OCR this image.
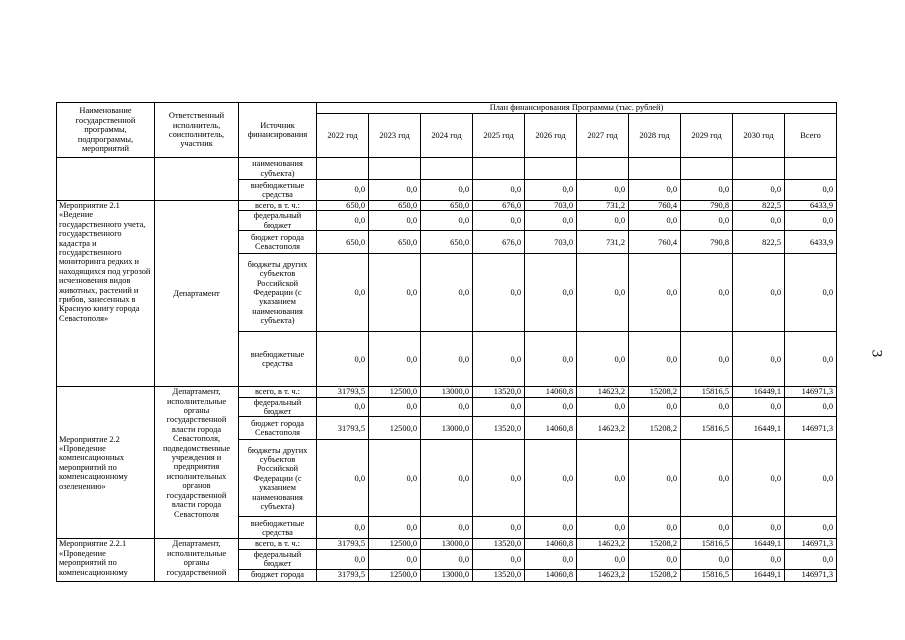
3
Наименование государственной программы, подпрограммы, мероприятий	Ответственный исполнитель, соисполнитель, участник	Источник финансирования	План финансирования Программы (тыс. рублей)									
			2022 год	2023 год	2024 год	2025 год	2026 год	2027 год	2028 год	2029 год	2030 год	Всего
		наименования субъекта)										
		внебюджетные средства	0,0	0,0	0,0	0,0	0,0	0,0	0,0	0,0	0,0	0,0
Мероприятие 2.1 «Ведение государственного учета, государственного кадастра и государственного мониторинга редких и находящихся под угрозой исчезновения видов животных, растений и грибов, занесенных в Красную книгу города Севастополя»	Департамент	всего, в т. ч.:	650,0	650,0	650,0	676,0	703,0	731,2	760,4	790,8	822,5	6433,9
		федеральный бюджет	0,0	0,0	0,0	0,0	0,0	0,0	0,0	0,0	0,0	0,0
		бюджет города Севастополя	650,0	650,0	650,0	676,0	703,0	731,2	760,4	790,8	822,5	6433,9
		бюджеты других субъектов Российской Федерации (с указанием наименования субъекта)	0,0	0,0	0,0	0,0	0,0	0,0	0,0	0,0	0,0	0,0
		внебюджетные средства	0,0	0,0	0,0	0,0	0,0	0,0	0,0	0,0	0,0	0,0
Мероприятие 2.2 «Проведение компенсационных мероприятий по компенсационному озеленению»	Департамент, исполнительные органы государственной власти города Севастополя, подведомственные учреждения и предприятия исполнительных органов государственной власти города Севастополя	всего, в т. ч.:	31793,5	12500,0	13000,0	13520,0	14060,8	14623,2	15208,2	15816,5	16449,1	146971,3
		федеральный бюджет	0,0	0,0	0,0	0,0	0,0	0,0	0,0	0,0	0,0	0,0
		бюджет города Севастополя	31793,5	12500,0	13000,0	13520,0	14060,8	14623,2	15208,2	15816,5	16449,1	146971,3
		бюджеты других субъектов Российской Федерации (с указанием наименования субъекта)	0,0	0,0	0,0	0,0	0,0	0,0	0,0	0,0	0,0	0,0
		внебюджетные средства	0,0	0,0	0,0	0,0	0,0	0,0	0,0	0,0	0,0	0,0
Мероприятие 2.2.1 «Проведение мероприятий по компенсационному	Департамент, исполнительные органы государственной	всего, в т. ч.:	31793,5	12500,0	13000,0	13520,0	14060,8	14623,2	15208,2	15816,5	16449,1	146971,3
		федеральный бюджет	0,0	0,0	0,0	0,0	0,0	0,0	0,0	0,0	0,0	0,0
		бюджет города	31793,5	12500,0	13000,0	13520,0	14060,8	14623,2	15208,2	15816,5	16449,1	146971,3
